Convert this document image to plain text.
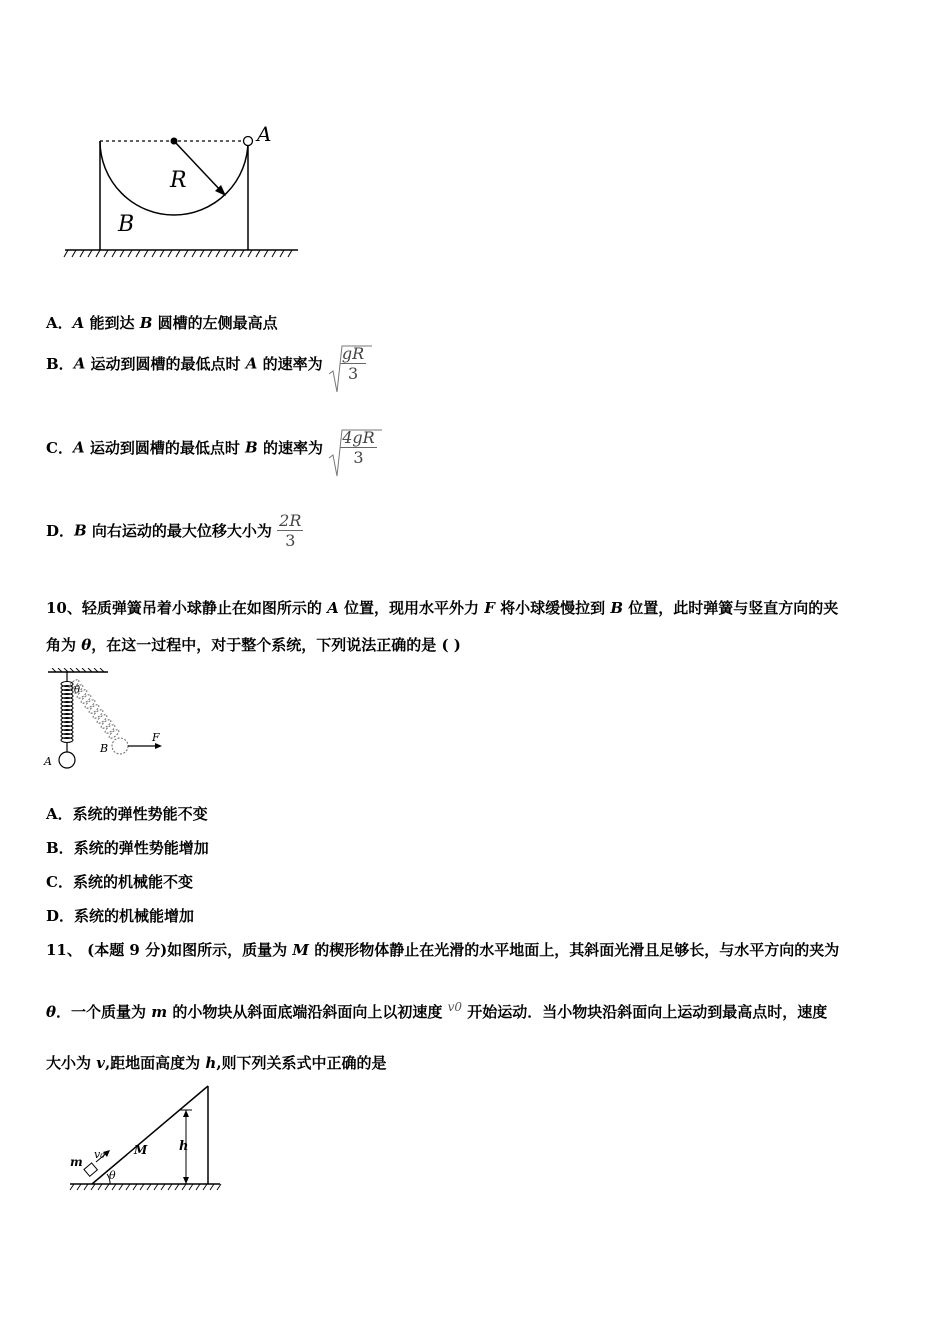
A
R
B
A．A 能到达 B 圆槽的左侧最高点
B．A 运动到圆槽的最低点时 A 的速率为 $\frac{gR}{3}$
C．A 运动到圆槽的最低点时 B 的速率为 $\frac{4gR}{3}$
D．B 向右运动的最大位移大小为 $\frac{2R}{3}$
10、轻质弹簧吊着小球静止在如图所示的 A 位置，现用水平外力 F 将小球缓慢拉到 B 位置，此时弹簧与竖直方向的夹
角为 θ，在这一过程中，对于整个系统，下列说法正确的是 ( )
θ
A
B
F
A．系统的弹性势能不变
B．系统的弹性势能增加
C．系统的机械能不变
D．系统的机械能增加
11、 (本题 9 分)如图所示，质量为 M 的楔形物体静止在光滑的水平地面上，其斜面光滑且足够长，与水平方向的夹为
θ．一个质量为 m 的小物块从斜面底端沿斜面向上以初速度 $^{v0}$ 开始运动．当小物块沿斜面向上运动到最高点时，速度
大小为 v,距地面高度为 h,则下列关系式中正确的是
m
v₀ M h
θ
